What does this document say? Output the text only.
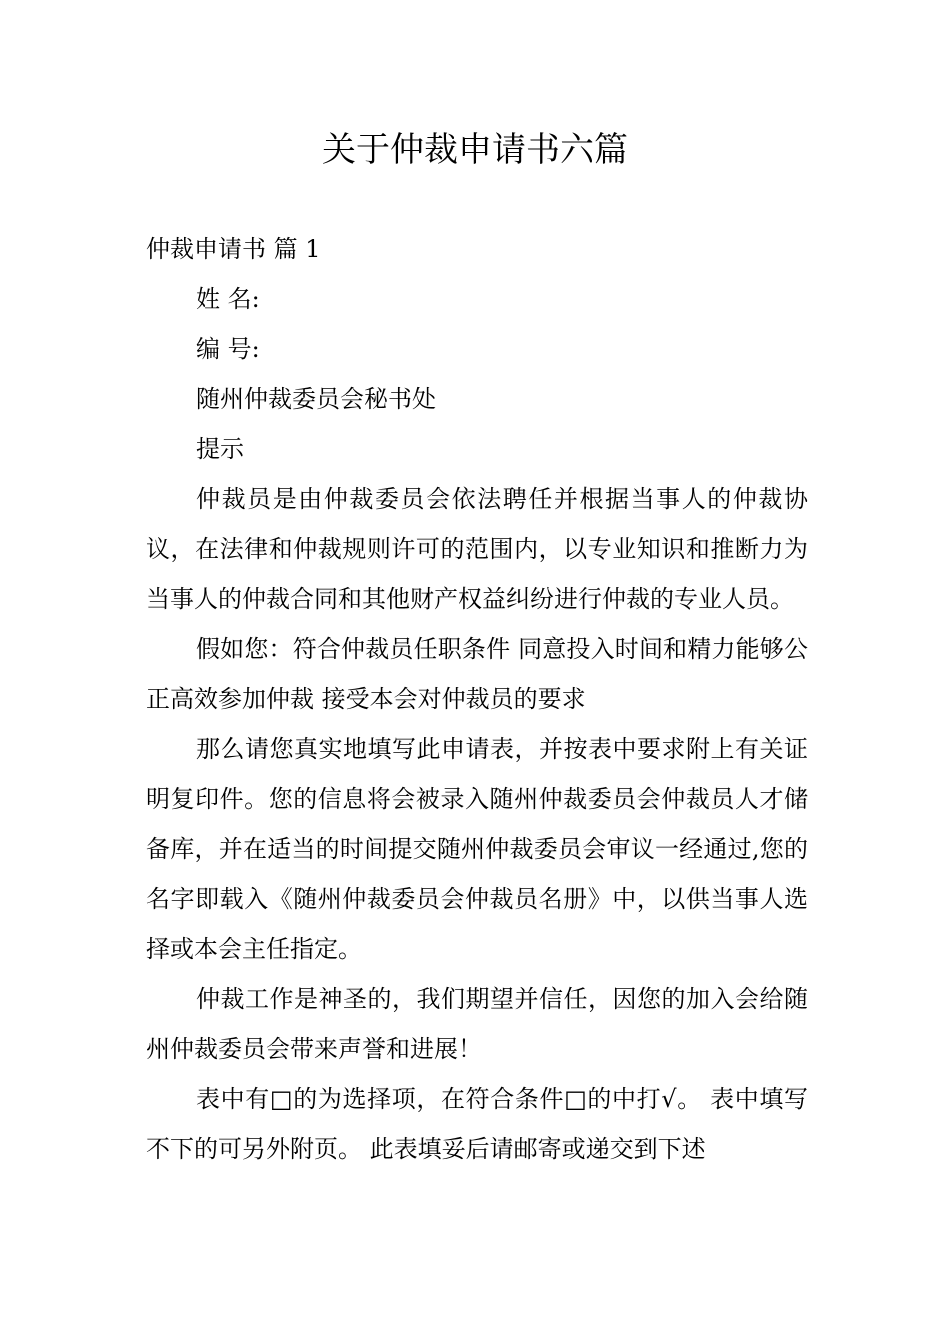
关于仲裁申请书六篇

仲裁申请书 篇 1

姓 名:

编 号:

随州仲裁委员会秘书处

提示

仲裁员是由仲裁委员会依法聘任并根据当事人的仲裁协议，在法律和仲裁规则许可的范围内，以专业知识和推断力为当事人的仲裁合同和其他财产权益纠纷进行仲裁的专业人员。

假如您：符合仲裁员任职条件 同意投入时间和精力能够公正高效参加仲裁 接受本会对仲裁员的要求

那么请您真实地填写此申请表，并按表中要求附上有关证明复印件。您的信息将会被录入随州仲裁委员会仲裁员人才储备库，并在适当的时间提交随州仲裁委员会审议一经通过,您的名字即载入《随州仲裁委员会仲裁员名册》中，以供当事人选择或本会主任指定。

仲裁工作是神圣的，我们期望并信任，因您的加入会给随州仲裁委员会带来声誉和进展！

表中有□的为选择项，在符合条件□的中打√。 表中填写不下的可另外附页。 此表填妥后请邮寄或递交到下述
